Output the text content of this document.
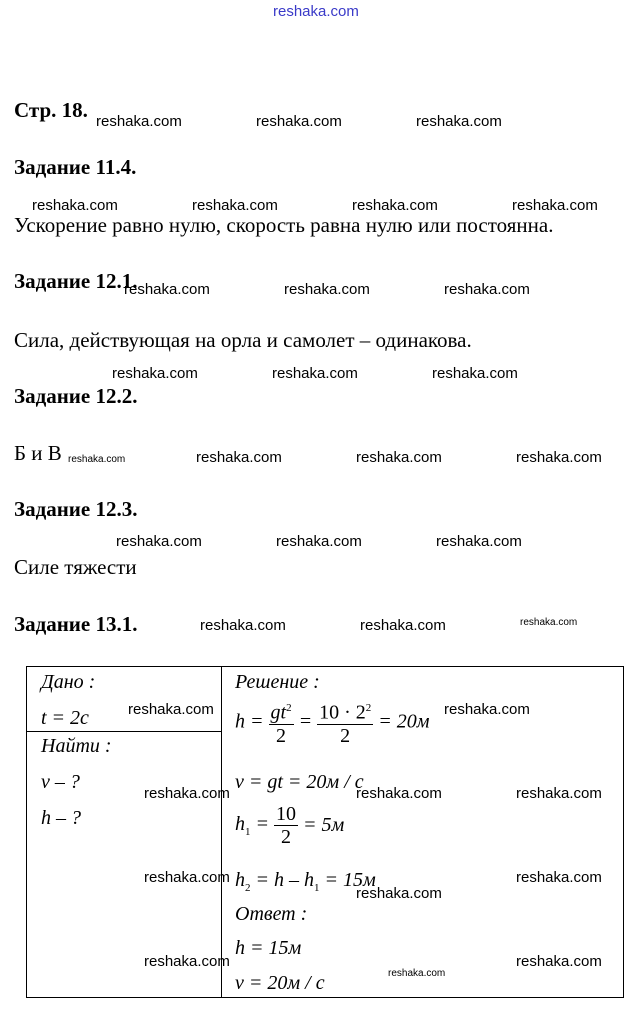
reshaka.com
Стр. 18.
Задание 11.4.
Ускорение равно нулю, скорость равна нулю или постоянна.
Задание 12.1.
Сила, действующая на орла и самолет – одинакова.
Задание 12.2.
Б и В
Задание 12.3.
Силе тяжести
Задание 13.1.
Дано :
t = 2c
Найти :
v – ?
h – ?
Решение :
$h = \frac{gt^2}{2} = \frac{10 \cdot 2^2}{2} = 20м$
v = gt = 20м / с
$h_1 = \frac{10}{2} = 5м$
$h_2 = h - h_1 = 15м$
Ответ :
h = 15м
v = 20м / с
reshaka.com	reshaka.com	reshaka.com
reshaka.com	reshaka.com	reshaka.com	reshaka.com
reshaka.com	reshaka.com	reshaka.com
reshaka.com	reshaka.com	reshaka.com
reshaka.com	reshaka.com	reshaka.com	reshaka.com
reshaka.com	reshaka.com	reshaka.com
reshaka.com	reshaka.com	reshaka.com
reshaka.com	reshaka.com
reshaka.com	reshaka.com	reshaka.com
reshaka.com
reshaka.com
reshaka.com
reshaka.com
reshaka.com
reshaka.com
